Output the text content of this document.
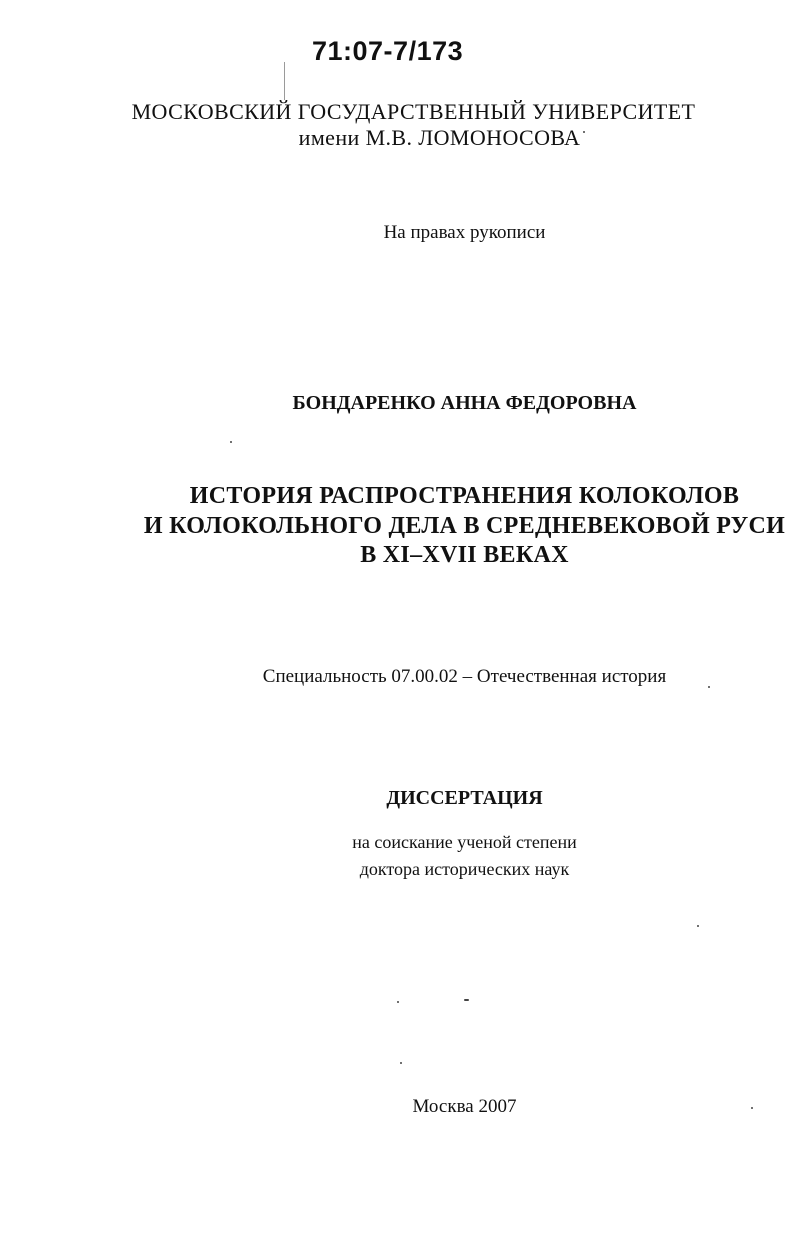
71:07-7/173
МОСКОВСКИЙ ГОСУДАРСТВЕННЫЙ УНИВЕРСИТЕТ
имени М.В. ЛОМОНОСОВА
На правах рукописи
БОНДАРЕНКО АННА ФЕДОРОВНА
ИСТОРИЯ РАСПРОСТРАНЕНИЯ КОЛОКОЛОВ
И КОЛОКОЛЬНОГО ДЕЛА В СРЕДНЕВЕКОВОЙ РУСИ
В XI–XVII ВЕКАХ
Специальность 07.00.02 – Отечественная история
ДИССЕРТАЦИЯ
на соискание ученой степени
доктора исторических наук
Москва 2007
